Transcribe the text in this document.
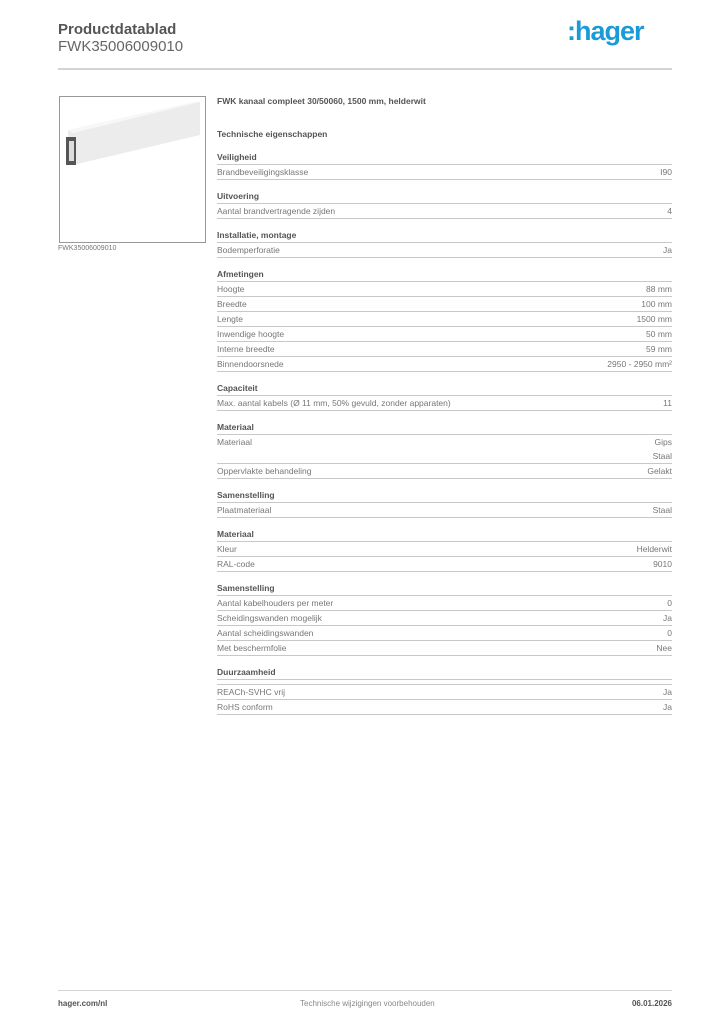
Productdatablad
FWK35006009010
:hager
FWK35006009010
FWK kanaal compleet 30/50060, 1500 mm, helderwit
Technische eigenschappen
Veiligheid
Brandbeveiligingsklasse	I90
Uitvoering
Aantal brandvertragende zijden	4
Installatie, montage
Bodemperforatie	Ja
Afmetingen
Hoogte	88 mm
Breedte	100 mm
Lengte	1500 mm
Inwendige hoogte	50 mm
Interne breedte	59 mm
Binnendoorsnede	2950 - 2950 mm²
Capaciteit
Max. aantal kabels (Ø 11 mm, 50% gevuld, zonder apparaten)	11
Materiaal
Materiaal	Gips
Staal
Oppervlakte behandeling	Gelakt
Samenstelling
Plaatmateriaal	Staal
Materiaal
Kleur	Helderwit
RAL-code	9010
Samenstelling
Aantal kabelhouders per meter	0
Scheidingswanden mogelijk	Ja
Aantal scheidingswanden	0
Met beschermfolie	Nee
Duurzaamheid
REACh-SVHC vrij	Ja
RoHS conform	Ja
hager.com/nl	Technische wijzigingen voorbehouden	06.01.2026
